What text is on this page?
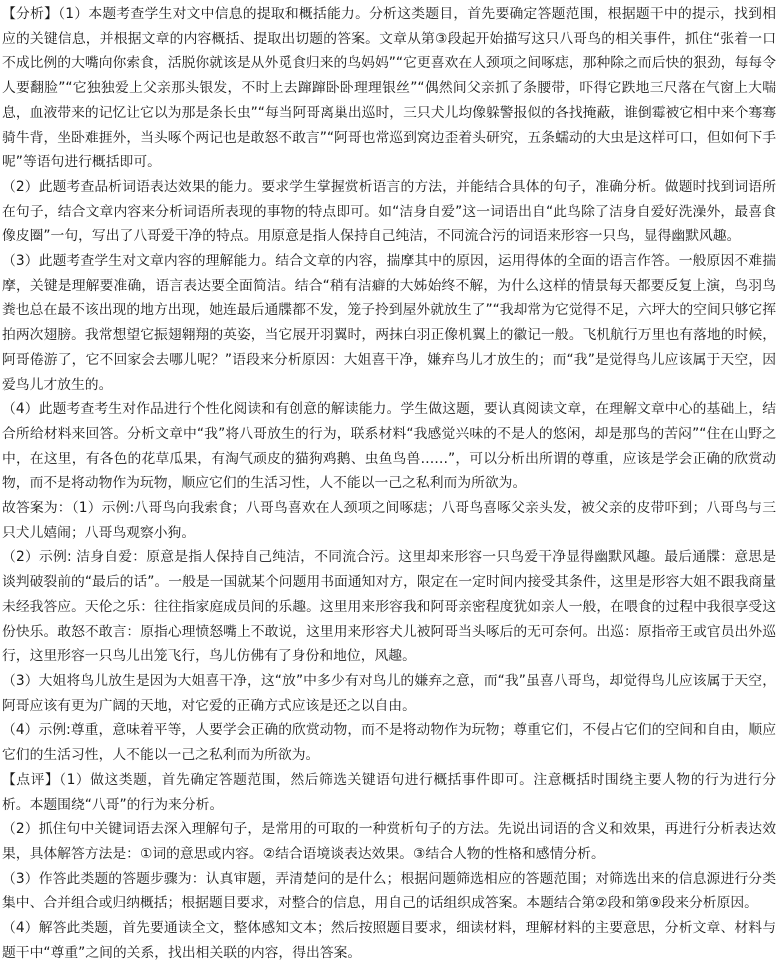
【分析】（1）本题考查学生对文中信息的提取和概括能力。分析这类题目，首先要确定答题范围，根据题干中的提示，找到相应的关键信息，并根据文章的内容概括、提取出切题的答案。文章从第③段起开始描写这只八哥鸟的相关事件，抓住“张着一口不成比例的大嘴向你索食，活脱你就该是从外觅食归来的鸟妈妈”“它更喜欢在人颈项之间啄痣，那种除之而后快的狠劲，每每令人要翻脸”“它独独爱上父亲那头银发，不时上去蹿蹿卧卧理理银丝”“偶然间父亲抓了条腰带，吓得它跌地三尺落在气窗上大喘息，血液带来的记忆让它以为那是条长虫”“每当阿哥离巢出巡时，三只犬儿均像躲警报似的各找掩蔽，谁倒霉被它相中来个骞骞骑牛背，坐卧难捱外，当头啄个两记也是敢怒不敢言”“阿哥也常巡到窝边歪着头研究，五条蠕动的大虫是这样可口，但如何下手呢”等语句进行概括即可。

（2）此题考查品析词语表达效果的能力。要求学生掌握赏析语言的方法，并能结合具体的句子，准确分析。做题时找到词语所在句子，结合文章内容来分析词语所表现的事物的特点即可。如“洁身自爱”这一词语出自“此鸟除了洁身自爱好洗澡外，最喜食像皮圈”一句，写出了八哥爱干净的特点。用原意是指人保持自己纯洁，不同流合污的词语来形容一只鸟，显得幽默风趣。

（3）此题考查学生对文章内容的理解能力。结合文章的内容，揣摩其中的原因，运用得体的全面的语言作答。一般原因不难揣摩，关键是理解要准确，语言表达要全面简洁。结合“稍有洁癖的大姊始终不解，为什么这样的情景每天都要反复上演，鸟羽鸟粪也总在最不该出现的地方出现，她连最后通牒都不发，笼子拎到屋外就放生了”“我却常为它觉得不足，六坪大的空间只够它挥拍两次翅膀。我常想望它振翅翱翔的英姿，当它展开羽翼时，两抹白羽正像机翼上的徽记一般。飞机航行万里也有落地的时候，阿哥倦游了，它不回家会去哪儿呢？”语段来分析原因：大姐喜干净，嫌弃鸟儿才放生的；而“我”是觉得鸟儿应该属于天空，因爱鸟儿才放生的。

（4）此题考查考生对作品进行个性化阅读和有创意的解读能力。学生做这题，要认真阅读文章，在理解文章中心的基础上，结合所给材料来回答。分析文章中“我”将八哥放生的行为，联系材料“我感觉兴味的不是人的悠闲，却是那鸟的苦闷”“住在山野之中，在这里，有各色的花草瓜果，有淘气顽皮的猫狗鸡鹅、虫鱼鸟兽……”，可以分析出所谓的尊重，应该是学会正确的欣赏动物，而不是将动物作为玩物，顺应它们的生活习性，人不能以一己之私利而为所欲为。

故答案为：（1）示例:八哥鸟向我索食；八哥鸟喜欢在人颈项之间啄痣；八哥鸟喜啄父亲头发，被父亲的皮带吓到；八哥鸟与三只犬儿嬉闹；八哥鸟观察小狗。

（2）示例: 洁身自爱：原意是指人保持自己纯洁，不同流合污。这里却来形容一只鸟爱干净显得幽默风趣。最后通牒：意思是谈判破裂前的“最后的话”。一般是一国就某个问题用书面通知对方，限定在一定时间内接受其条件，这里是形容大姐不跟我商量未经我答应。天伦之乐：往往指家庭成员间的乐趣。这里用来形容我和阿哥亲密程度犹如亲人一般，在喂食的过程中我很享受这份快乐。敢怒不敢言：原指心理愤怒嘴上不敢说，这里用来形容犬儿被阿哥当头啄后的无可奈何。出巡：原指帝王或官员出外巡行，这里形容一只鸟儿出笼飞行，鸟儿仿佛有了身份和地位，风趣。

（3）大姐将鸟儿放生是因为大姐喜干净，这“放”中多少有对鸟儿的嫌弃之意，而“我”虽喜八哥鸟，却觉得鸟儿应该属于天空，阿哥应该有更为广阔的天地，对它爱的正确方式应该是还之以自由。

（4）示例:尊重，意味着平等，人要学会正确的欣赏动物，而不是将动物作为玩物；尊重它们，不侵占它们的空间和自由，顺应它们的生活习性，人不能以一己之私利而为所欲为。

【点评】（1）做这类题，首先确定答题范围，然后筛选关键语句进行概括事件即可。注意概括时围绕主要人物的行为进行分析。本题围绕“八哥”的行为来分析。

（2）抓住句中关键词语去深入理解句子，是常用的可取的一种赏析句子的方法。先说出词语的含义和效果，再进行分析表达效果，具体解答方法是：①词的意思或内容。②结合语境谈表达效果。③结合人物的性格和感情分析。

（3）作答此类题的答题步骤为：认真审题，弄清楚问的是什么；根据问题筛选相应的答题范围；对筛选出来的信息源进行分类集中、合并组合或归纳概括；根据题目要求，对整合的信息，用自己的话组织成答案。本题结合第②段和第⑨段来分析原因。

（4）解答此类题，首先要通读全文，整体感知文本；然后按照题目要求，细读材料，理解材料的主要意思，分析文章、材料与题干中“尊重”之间的关系，找出相关联的内容，得出答案。
